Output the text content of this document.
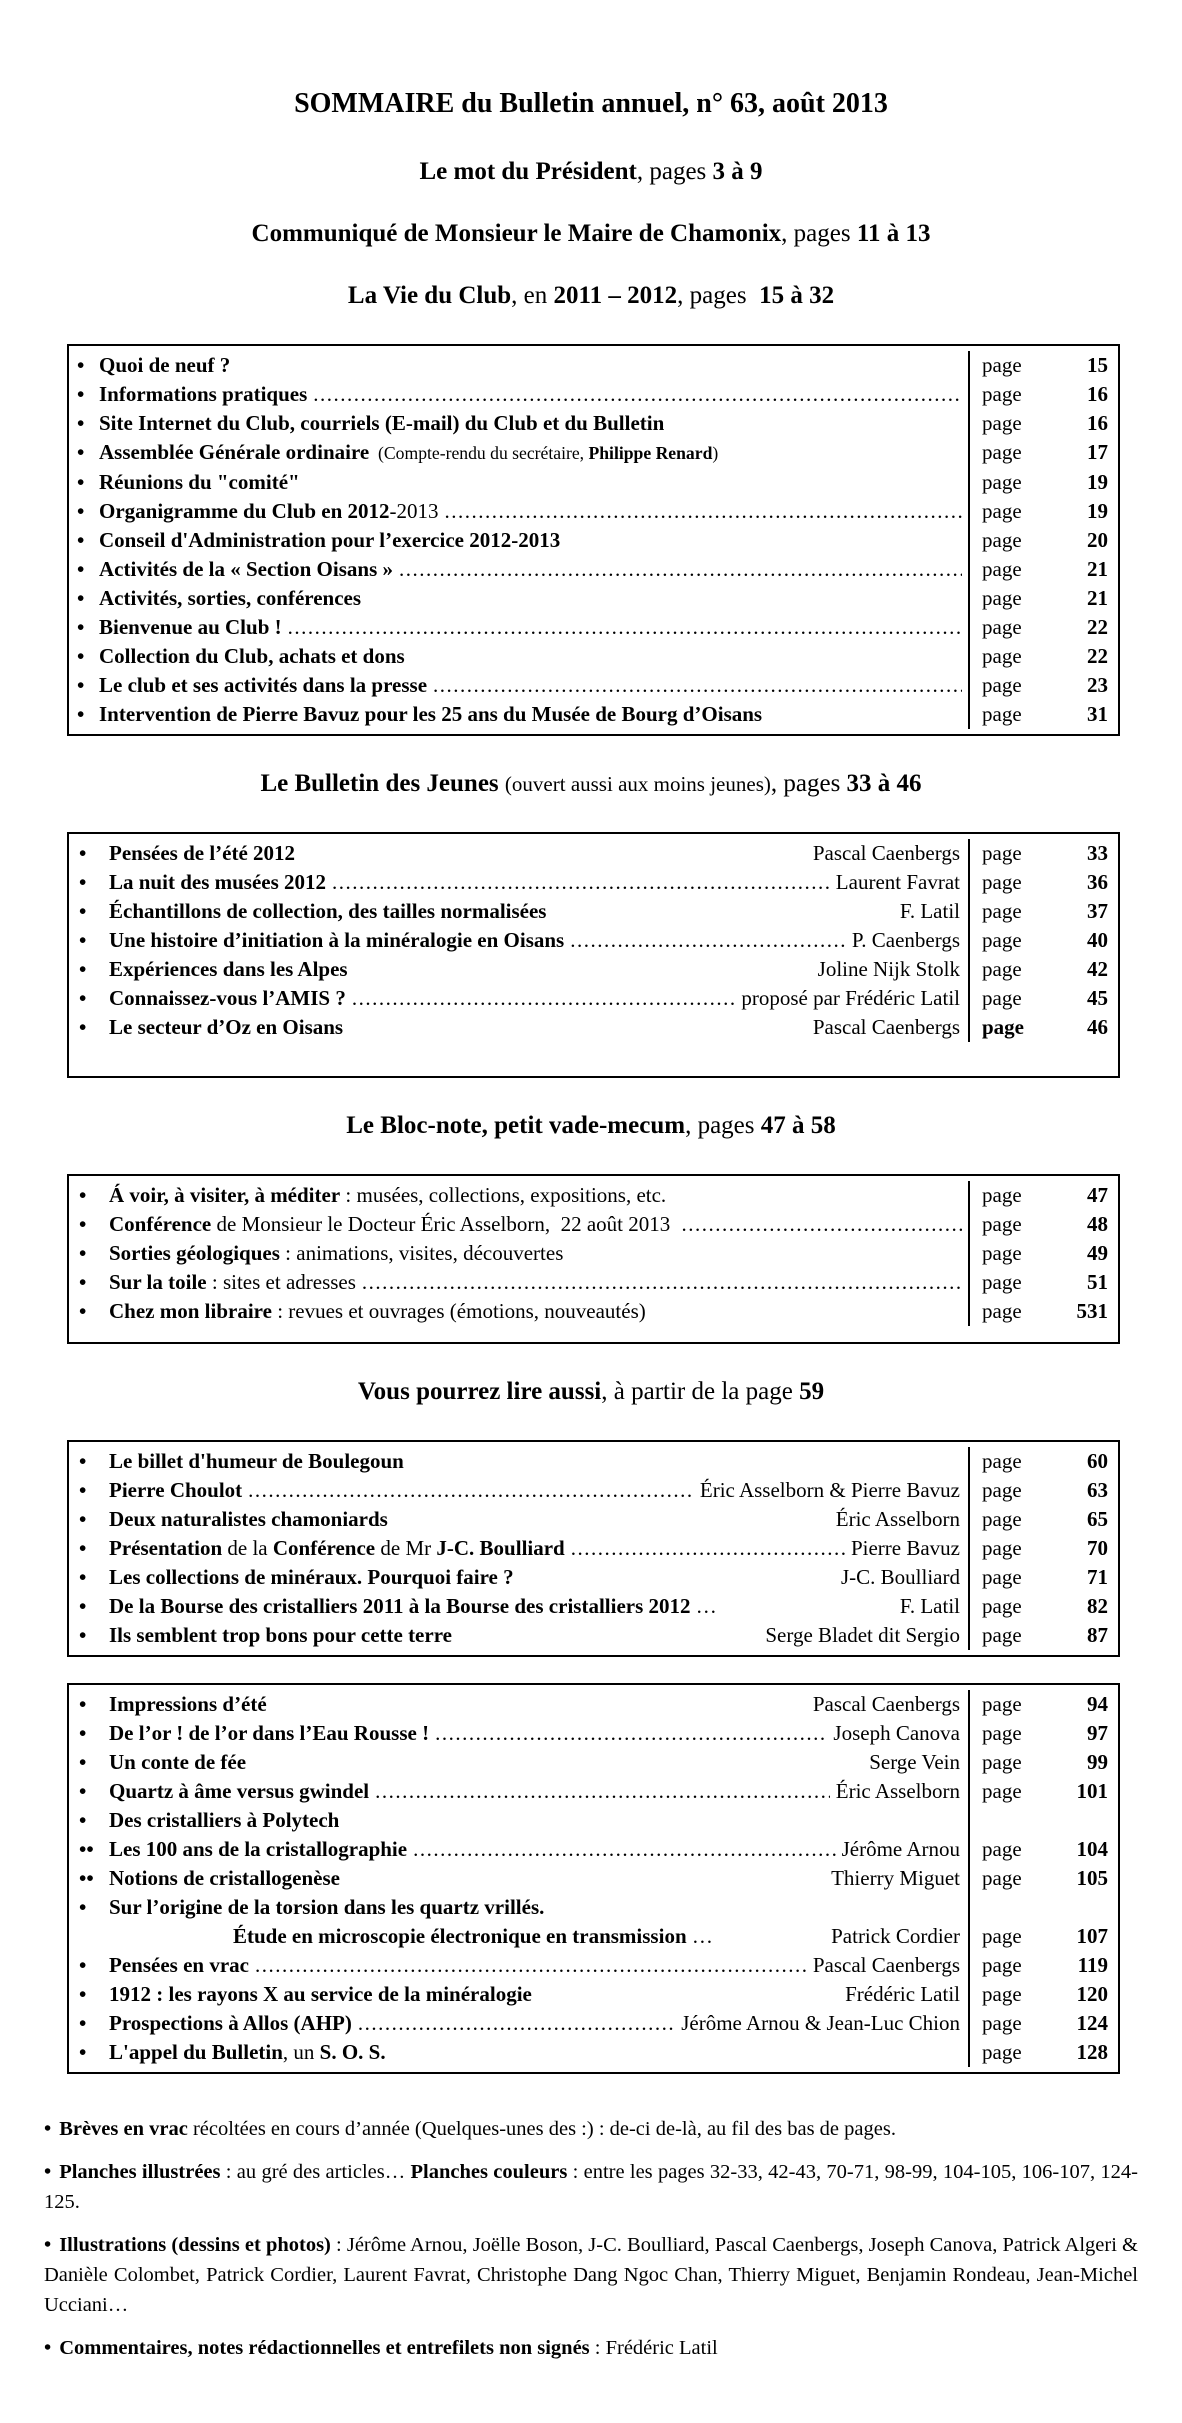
SOMMAIRE du Bulletin annuel, n° 63, août 2013
Le mot du Président, pages 3 à 9
Communiqué de Monsieur le Maire de Chamonix, pages 11 à 13
La Vie du Club, en 2011 – 2012, pages  15 à 32
• Quoi de neuf ?	page	15
• Informations pratiques .....	page	16
• Site Internet du Club, courriels (E-mail) du Club et du Bulletin	page	16
• Assemblée Générale ordinaire  (Compte-rendu du secrétaire, Philippe Renard)	page	17
• Réunions du "comité"	page	19
• Organigramme du Club en 2012-2013 .....	page	19
• Conseil d'Administration pour l’exercice 2012-2013	page	20
• Activités de la « Section Oisans » .....	page	21
• Activités, sorties, conférences	page	21
• Bienvenue au Club ! .....	page	22
• Collection du Club, achats et dons	page	22
• Le club et ses activités dans la presse .....	page	23
• Intervention de Pierre Bavuz pour les 25 ans du Musée de Bourg d’Oisans	page	31
Le Bulletin des Jeunes (ouvert aussi aux moins jeunes), pages 33 à 46
•	Pensées de l’été 2012	Pascal Caenbergs	page	33
•	La nuit des musées 2012 .....	Laurent Favrat	page	36
•	Échantillons de collection, des tailles normalisées	F. Latil	page	37
•	Une histoire d’initiation à la minéralogie en Oisans .....	P. Caenbergs	page	40
•	Expériences dans les Alpes	Joline Nijk Stolk	page	42
•	Connaissez-vous l’AMIS ? .....	proposé par Frédéric Latil	page	45
•	Le secteur d’Oz en Oisans	Pascal Caenbergs	page	46
Le Bloc-note, petit vade-mecum, pages 47 à 58
•	Á voir, à visiter, à méditer : musées, collections, expositions, etc.	page	47
•	Conférence de Monsieur le Docteur Éric Asselborn,  22 août 2013 .....	page	48
•	Sorties géologiques : animations, visites, découvertes	page	49
•	Sur la toile : sites et adresses .....	page	51
•	Chez mon libraire : revues et ouvrages (émotions, nouveautés)	page	531
Vous pourrez lire aussi, à partir de la page 59
•	Le billet d'humeur de Boulegoun	page	60
•	Pierre Choulot .....	Éric Asselborn & Pierre Bavuz	page	63
•	Deux naturalistes chamoniards	Éric Asselborn	page	65
•	Présentation de la Conférence de Mr J-C. Boulliard .....	Pierre Bavuz	page	70
•	Les collections de minéraux. Pourquoi faire ?	J-C. Boulliard	page	71
•	De la Bourse des cristalliers 2011 à la Bourse des cristalliers 2012 …	F. Latil	page	82
•	Ils semblent trop bons pour cette terre	Serge Bladet dit Sergio	page	87
•	Impressions d’été	Pascal Caenbergs	page	94
•	De l’or ! de l’or dans l’Eau Rousse ! .....	Joseph Canova	page	97
•	Un conte de fée	Serge Vein	page	99
•	Quartz à âme versus gwindel .....	Éric Asselborn	page	101
•	Des cristalliers à Polytech
•• Les 100 ans de la cristallographie .....	Jérôme Arnou	page	104
•• Notions de cristallogenèse	Thierry Miguet	page	105
•	Sur l’origine de la torsion dans les quartz vrillés.
Étude en microscopie électronique en transmission …	Patrick Cordier	page	107
•	Pensées en vrac .....	Pascal Caenbergs	page	119
•	1912 : les rayons X au service de la minéralogie	Frédéric Latil	page	120
•	Prospections à Allos (AHP) .....	Jérôme Arnou & Jean-Luc Chion	page	124
•	L'appel du Bulletin, un S. O. S.	page	128
• Brèves en vrac récoltées en cours d’année (Quelques-unes des :) : de-ci de-là, au fil des bas de pages.
• Planches illustrées : au gré des articles… Planches couleurs : entre les pages 32-33, 42-43, 70-71, 98-99, 104-105, 106-107, 124-125.
• Illustrations (dessins et photos) : Jérôme Arnou, Joëlle Boson, J-C. Boulliard, Pascal Caenbergs, Joseph Canova, Patrick Algeri & Danièle Colombet, Patrick Cordier, Laurent Favrat, Christophe Dang Ngoc Chan, Thierry Miguet, Benjamin Rondeau, Jean-Michel Ucciani…
• Commentaires, notes rédactionnelles et entrefilets non signés : Frédéric Latil
